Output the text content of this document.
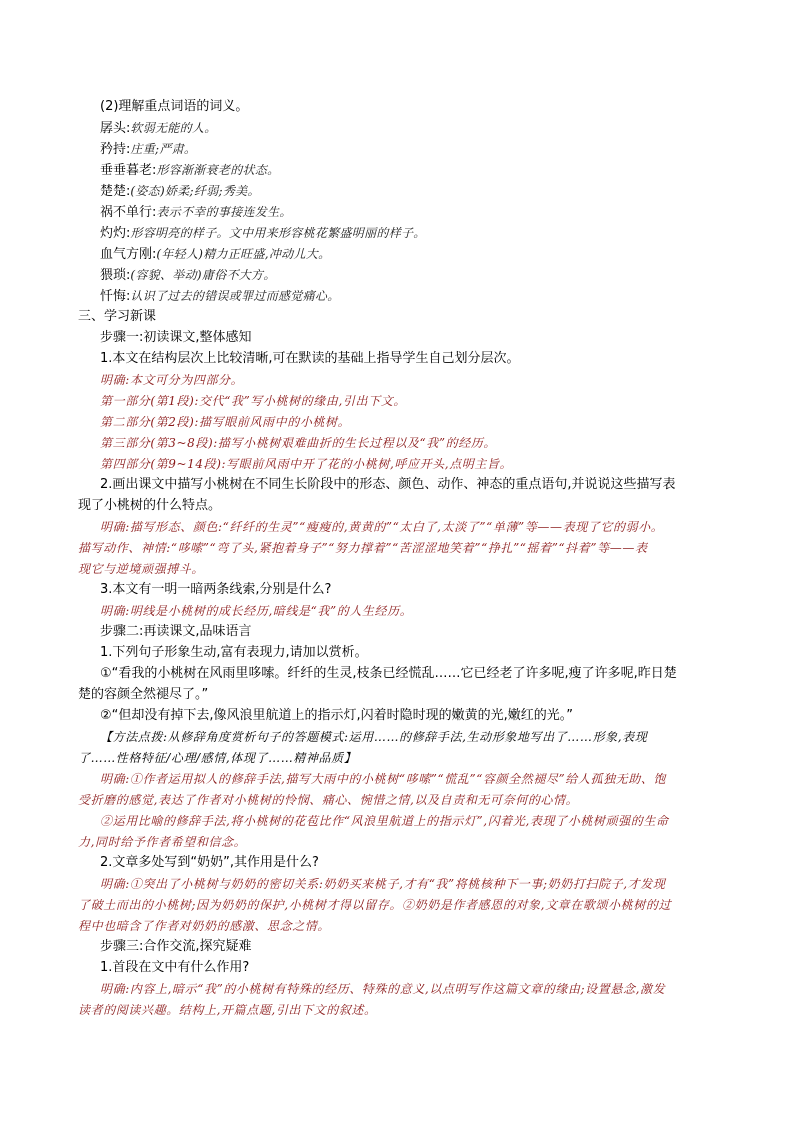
(2)理解重点词语的词义。
孱头:软弱无能的人。
矜持:庄重;严肃。
垂垂暮老:形容渐渐衰老的状态。
楚楚:(姿态)娇柔;纤弱;秀美。
祸不单行:表示不幸的事接连发生。
灼灼:形容明亮的样子。文中用来形容桃花繁盛明丽的样子。
血气方刚:(年轻人)精力正旺盛,冲动儿大。
猥琐:(容貌、举动)庸俗不大方。
忏悔:认识了过去的错误或罪过而感觉痛心。
三、学习新课
步骤一:初读课文,整体感知
1.本文在结构层次上比较清晰,可在默读的基础上指导学生自己划分层次。
明确:本文可分为四部分。
第一部分(第1段):交代“我”写小桃树的缘由,引出下文。
第二部分(第2段):描写眼前风雨中的小桃树。
第三部分(第3~8段):描写小桃树艰难曲折的生长过程以及“我”的经历。
第四部分(第9~14段):写眼前风雨中开了花的小桃树,呼应开头,点明主旨。
2.画出课文中描写小桃树在不同生长阶段中的形态、颜色、动作、神态的重点语句,并说说这些描写表
现了小桃树的什么特点。
明确:描写形态、颜色:“纤纤的生灵”“瘦瘦的,黄黄的”“太白了,太淡了”“单薄”等——表现了它的弱小。
描写动作、神情:“哆嗦”“弯了头,紧抱着身子”“努力撑着”“苦涩涩地笑着”“挣扎”“摇着”“抖着”等——表
现它与逆境顽强搏斗。
3.本文有一明一暗两条线索,分别是什么?
明确:明线是小桃树的成长经历,暗线是“我”的人生经历。
步骤二:再读课文,品味语言
1.下列句子形象生动,富有表现力,请加以赏析。
①“看我的小桃树在风雨里哆嗦。纤纤的生灵,枝条已经慌乱……它已经老了许多呢,瘦了许多呢,昨日楚
楚的容颜全然褪尽了。”
②“但却没有掉下去,像风浪里航道上的指示灯,闪着时隐时现的嫩黄的光,嫩红的光。”
【方法点拨:从修辞角度赏析句子的答题模式:运用……的修辞手法,生动形象地写出了……形象,表现
了……性格特征/心理/感情,体现了……精神品质】
明确:①作者运用拟人的修辞手法,描写大雨中的小桃树“哆嗦”“慌乱”“容颜全然褪尽”给人孤独无助、饱
受折磨的感觉,表达了作者对小桃树的怜悯、痛心、惋惜之情,以及自责和无可奈何的心情。
②运用比喻的修辞手法,将小桃树的花苞比作“风浪里航道上的指示灯”,闪着光,表现了小桃树顽强的生命
力,同时给予作者希望和信念。
2.文章多处写到“奶奶”,其作用是什么?
明确:①突出了小桃树与奶奶的密切关系:奶奶买来桃子,才有“我”将桃核种下一事;奶奶打扫院子,才发现
了破土而出的小桃树;因为奶奶的保护,小桃树才得以留存。②奶奶是作者感恩的对象,文章在歌颂小桃树的过
程中也暗含了作者对奶奶的感激、思念之情。
步骤三:合作交流,探究疑难
1.首段在文中有什么作用?
明确:内容上,暗示“我”的小桃树有特殊的经历、特殊的意义,以点明写作这篇文章的缘由;设置悬念,激发
读者的阅读兴趣。结构上,开篇点题,引出下文的叙述。
